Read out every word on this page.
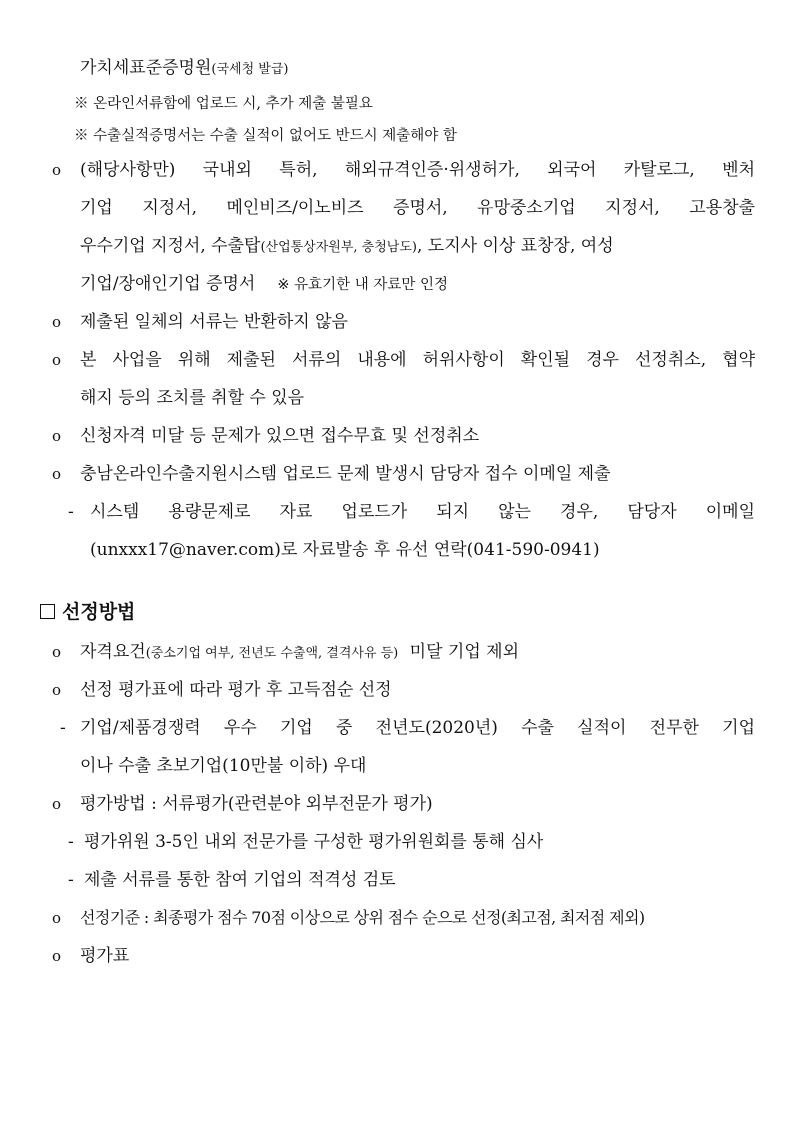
가치세표준증명원(국세청 발급)
※ 온라인서류함에 업로드 시, 추가 제출 불필요
※ 수출실적증명서는 수출 실적이 없어도 반드시 제출해야 함
o (해당사항만) 국내외 특허, 해외규격인증·위생허가, 외국어 카탈로그, 벤처
기업 지정서, 메인비즈/이노비즈 증명서, 유망중소기업 지정서, 고용창출
우수기업 지정서, 수출탑(산업통상자원부, 충청남도), 도지사 이상 표창장, 여성
기업/장애인기업 증명서 ※ 유효기한 내 자료만 인정
o 제출된 일체의 서류는 반환하지 않음
o 본 사업을 위해 제출된 서류의 내용에 허위사항이 확인될 경우 선정취소, 협약
해지 등의 조치를 취할 수 있음
o 신청자격 미달 등 문제가 있으면 접수무효 및 선정취소
o 충남온라인수출지원시스템 업로드 문제 발생시 담당자 접수 이메일 제출
- 시스템 용량문제로 자료 업로드가 되지 않는 경우, 담당자 이메일
(unxxx17@naver.com)로 자료발송 후 유선 연락(041-590-0941)
선정방법
o 자격요건(중소기업 여부, 전년도 수출액, 결격사유 등) 미달 기업 제외
o 선정 평가표에 따라 평가 후 고득점순 선정
- 기업/제품경쟁력 우수 기업 중 전년도(2020년) 수출 실적이 전무한 기업
이나 수출 초보기업(10만불 이하) 우대
o 평가방법 : 서류평가(관련분야 외부전문가 평가)
- 평가위원 3-5인 내외 전문가를 구성한 평가위원회를 통해 심사
- 제출 서류를 통한 참여 기업의 적격성 검토
o 선정기준 : 최종평가 점수 70점 이상으로 상위 점수 순으로 선정(최고점, 최저점 제외)
o 평가표
